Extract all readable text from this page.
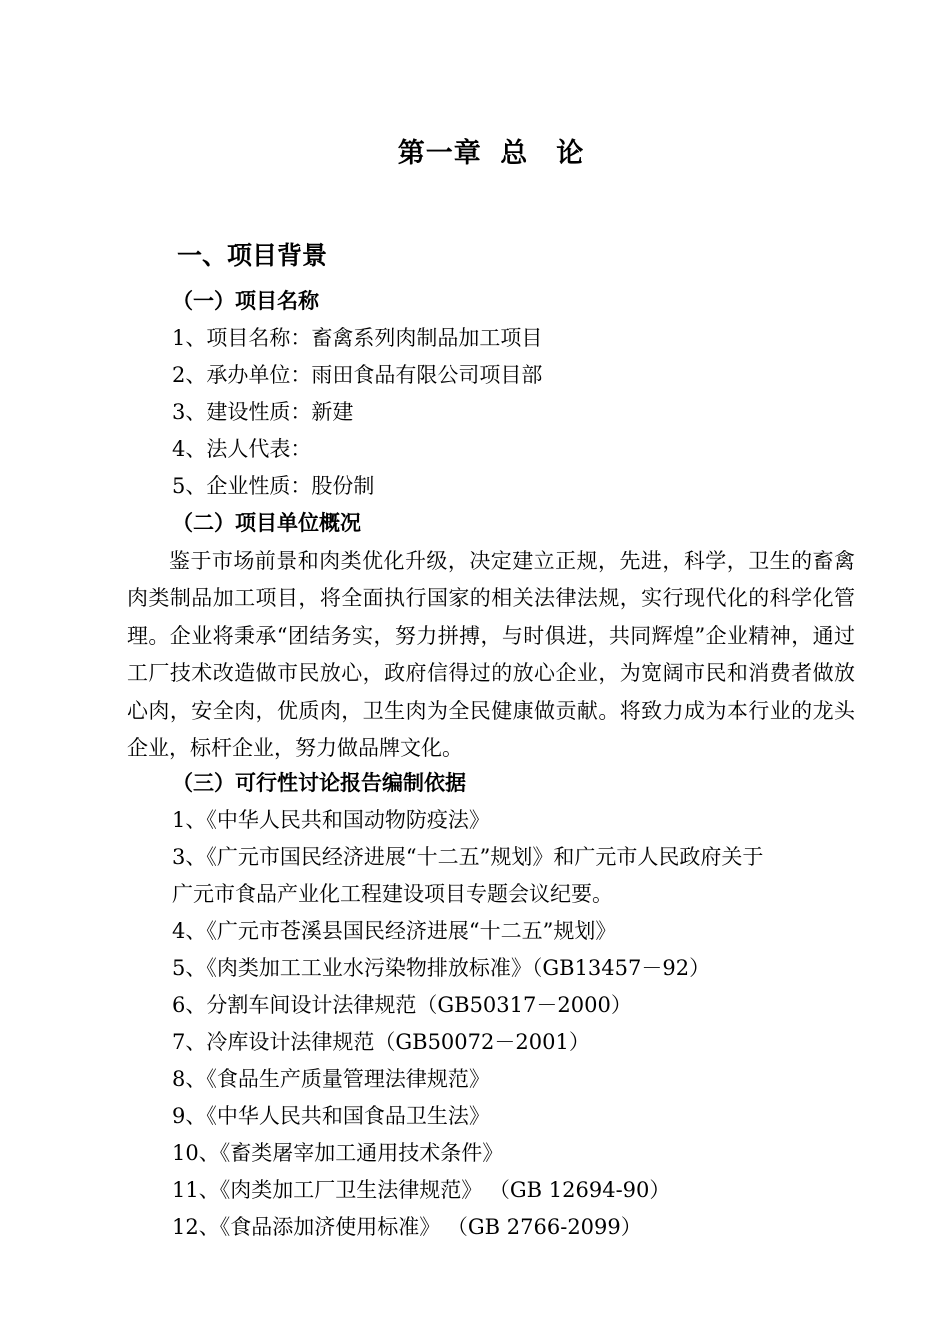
第一章 总　论
一、项目背景

（一）项目名称

1、项目名称：畜禽系列肉制品加工项目

2、承办单位：雨田食品有限公司项目部

3、建设性质：新建

4、法人代表：

5、企业性质：股份制

（二）项目单位概况

鉴于市场前景和肉类优化升级，决定建立正规，先进，科学，卫生的畜禽肉类制品加工项目，将全面执行国家的相关法律法规，实行现代化的科学化管理。企业将秉承“团结务实，努力拼搏，与时俱进，共同辉煌”企业精神，通过工厂技术改造做市民放心，政府信得过的放心企业，为宽阔市民和消费者做放心肉，安全肉，优质肉，卫生肉为全民健康做贡献。将致力成为本行业的龙头企业，标杆企业，努力做品牌文化。

（三）可行性讨论报告编制依据

1、《中华人民共和国动物防疫法》

3、《广元市国民经济进展“十二五”规划》和广元市人民政府关于

广元市食品产业化工程建设项目专题会议纪要。

4、《广元市苍溪县国民经济进展“十二五”规划》

5、《肉类加工工业水污染物排放标准》（GB13457－92）

6、分割车间设计法律规范（GB50317－2000）

7、冷库设计法律规范（GB50072－2001）

8、《食品生产质量管理法律规范》

9、《中华人民共和国食品卫生法》

10、《畜类屠宰加工通用技术条件》

11、《肉类加工厂卫生法律规范》 （GB 12694-90）

12、《食品添加济使用标准》 （GB 2766-2099）
